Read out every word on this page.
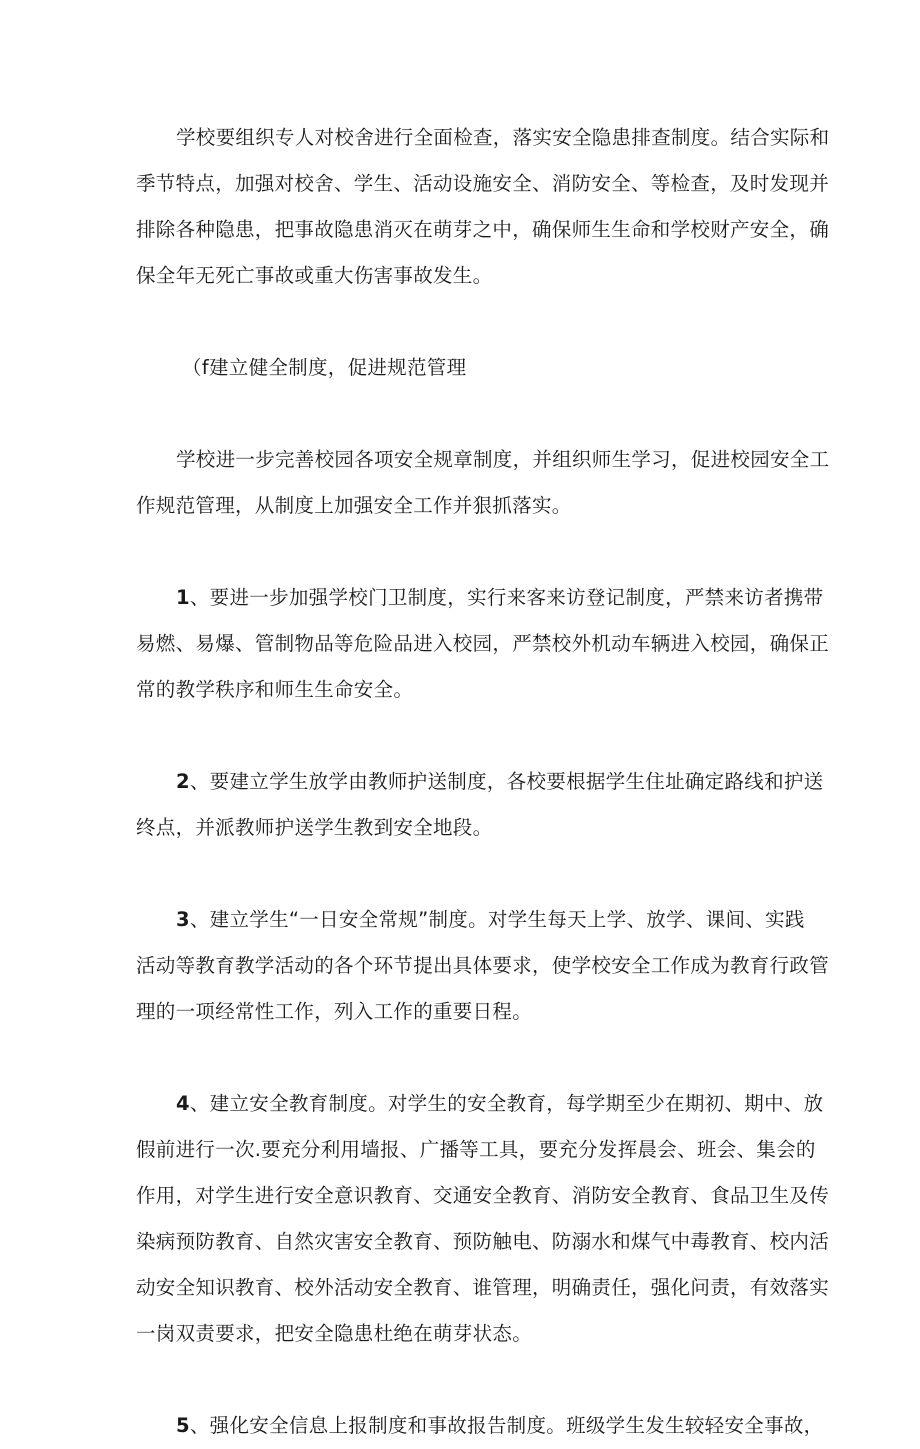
学校要组织专人对校舍进行全面检查，落实安全隐患排查制度。结合实际和
季节特点，加强对校舍、学生、活动设施安全、消防安全、等检查，及时发现并
排除各种隐患，把事故隐患消灭在萌芽之中，确保师生生命和学校财产安全，确
保全年无死亡事故或重大伤害事故发生。
（f建立健全制度，促进规范管理
学校进一步完善校园各项安全规章制度，并组织师生学习，促进校园安全工
作规范管理，从制度上加强安全工作并狠抓落实。
1、要进一步加强学校门卫制度，实行来客来访登记制度，严禁来访者携带
易燃、易爆、管制物品等危险品进入校园，严禁校外机动车辆进入校园，确保正
常的教学秩序和师生生命安全。
2、要建立学生放学由教师护送制度，各校要根据学生住址确定路线和护送
终点，并派教师护送学生教到安全地段。
3、建立学生“一日安全常规”制度。对学生每天上学、放学、课间、实践
活动等教育教学活动的各个环节提出具体要求，使学校安全工作成为教育行政管
理的一项经常性工作，列入工作的重要日程。
4、建立安全教育制度。对学生的安全教育，每学期至少在期初、期中、放
假前进行一次.要充分利用墙报、广播等工具，要充分发挥晨会、班会、集会的
作用，对学生进行安全意识教育、交通安全教育、消防安全教育、食品卫生及传
染病预防教育、自然灾害安全教育、预防触电、防溺水和煤气中毒教育、校内活
动安全知识教育、校外活动安全教育、谁管理，明确责任，强化问责，有效落实
一岗双责要求，把安全隐患杜绝在萌芽状态。
5、强化安全信息上报制度和事故报告制度。班级学生发生较轻安全事故，
